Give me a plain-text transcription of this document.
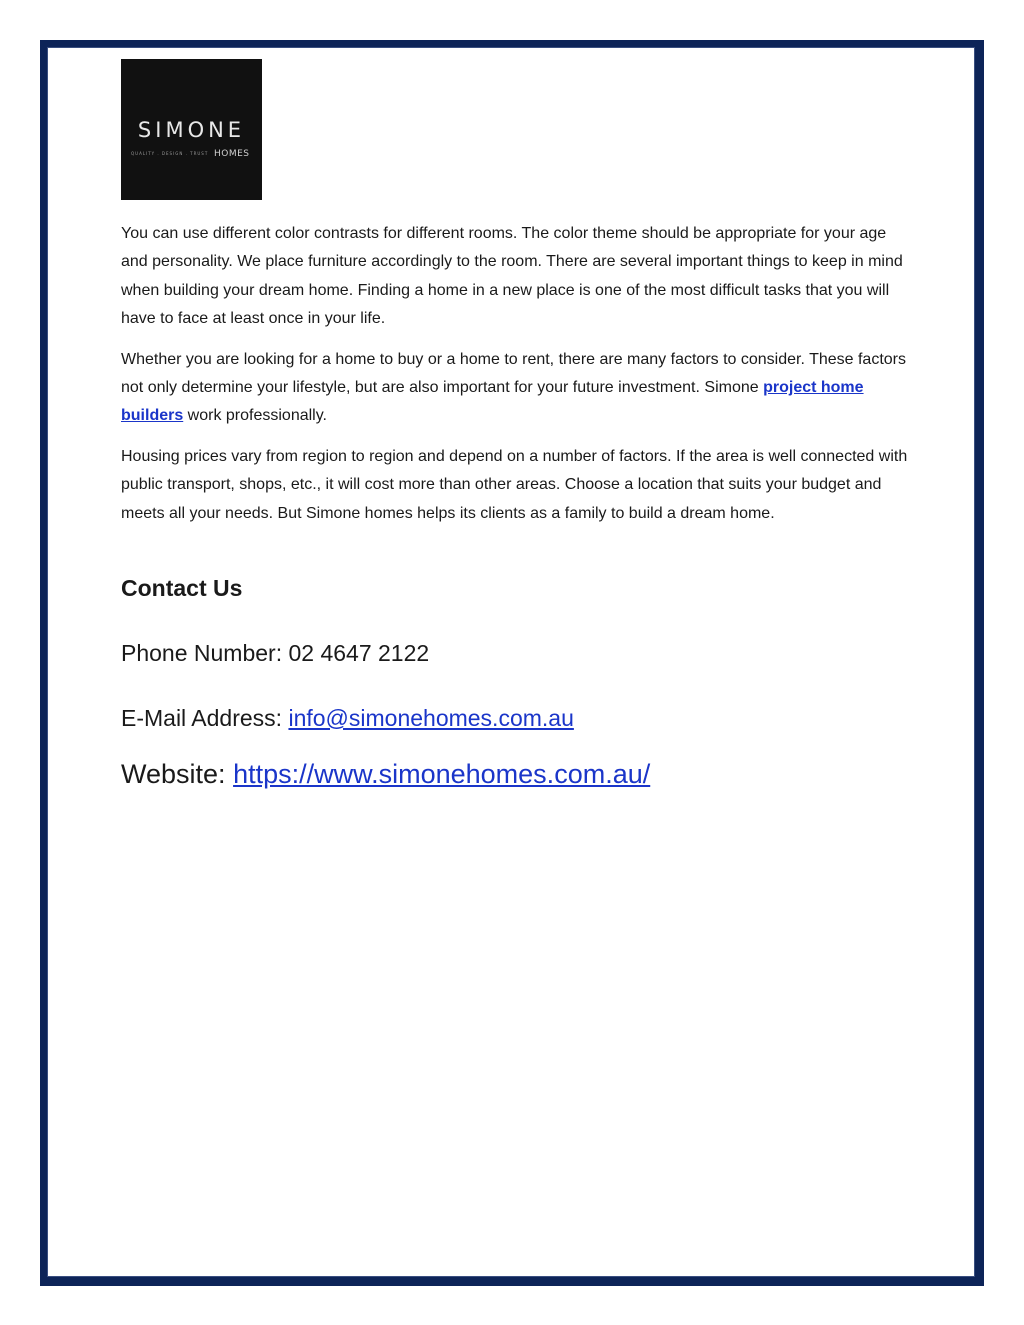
SIMONE
QUALITY . DESIGN . TRUST HOMES

You can use different color contrasts for different rooms. The color theme should be appropriate for your age and personality. We place furniture accordingly to the room. There are several important things to keep in mind when building your dream home. Finding a home in a new place is one of the most difficult tasks that you will have to face at least once in your life.

Whether you are looking for a home to buy or a home to rent, there are many factors to consider. These factors not only determine your lifestyle, but are also important for your future investment. Simone project home builders work professionally.

Housing prices vary from region to region and depend on a number of factors. If the area is well connected with public transport, shops, etc., it will cost more than other areas. Choose a location that suits your budget and meets all your needs. But Simone homes helps its clients as a family to build a dream home.

Contact Us

Phone Number: 02 4647 2122

E-Mail Address: info@simonehomes.com.au

Website: https://www.simonehomes.com.au/
